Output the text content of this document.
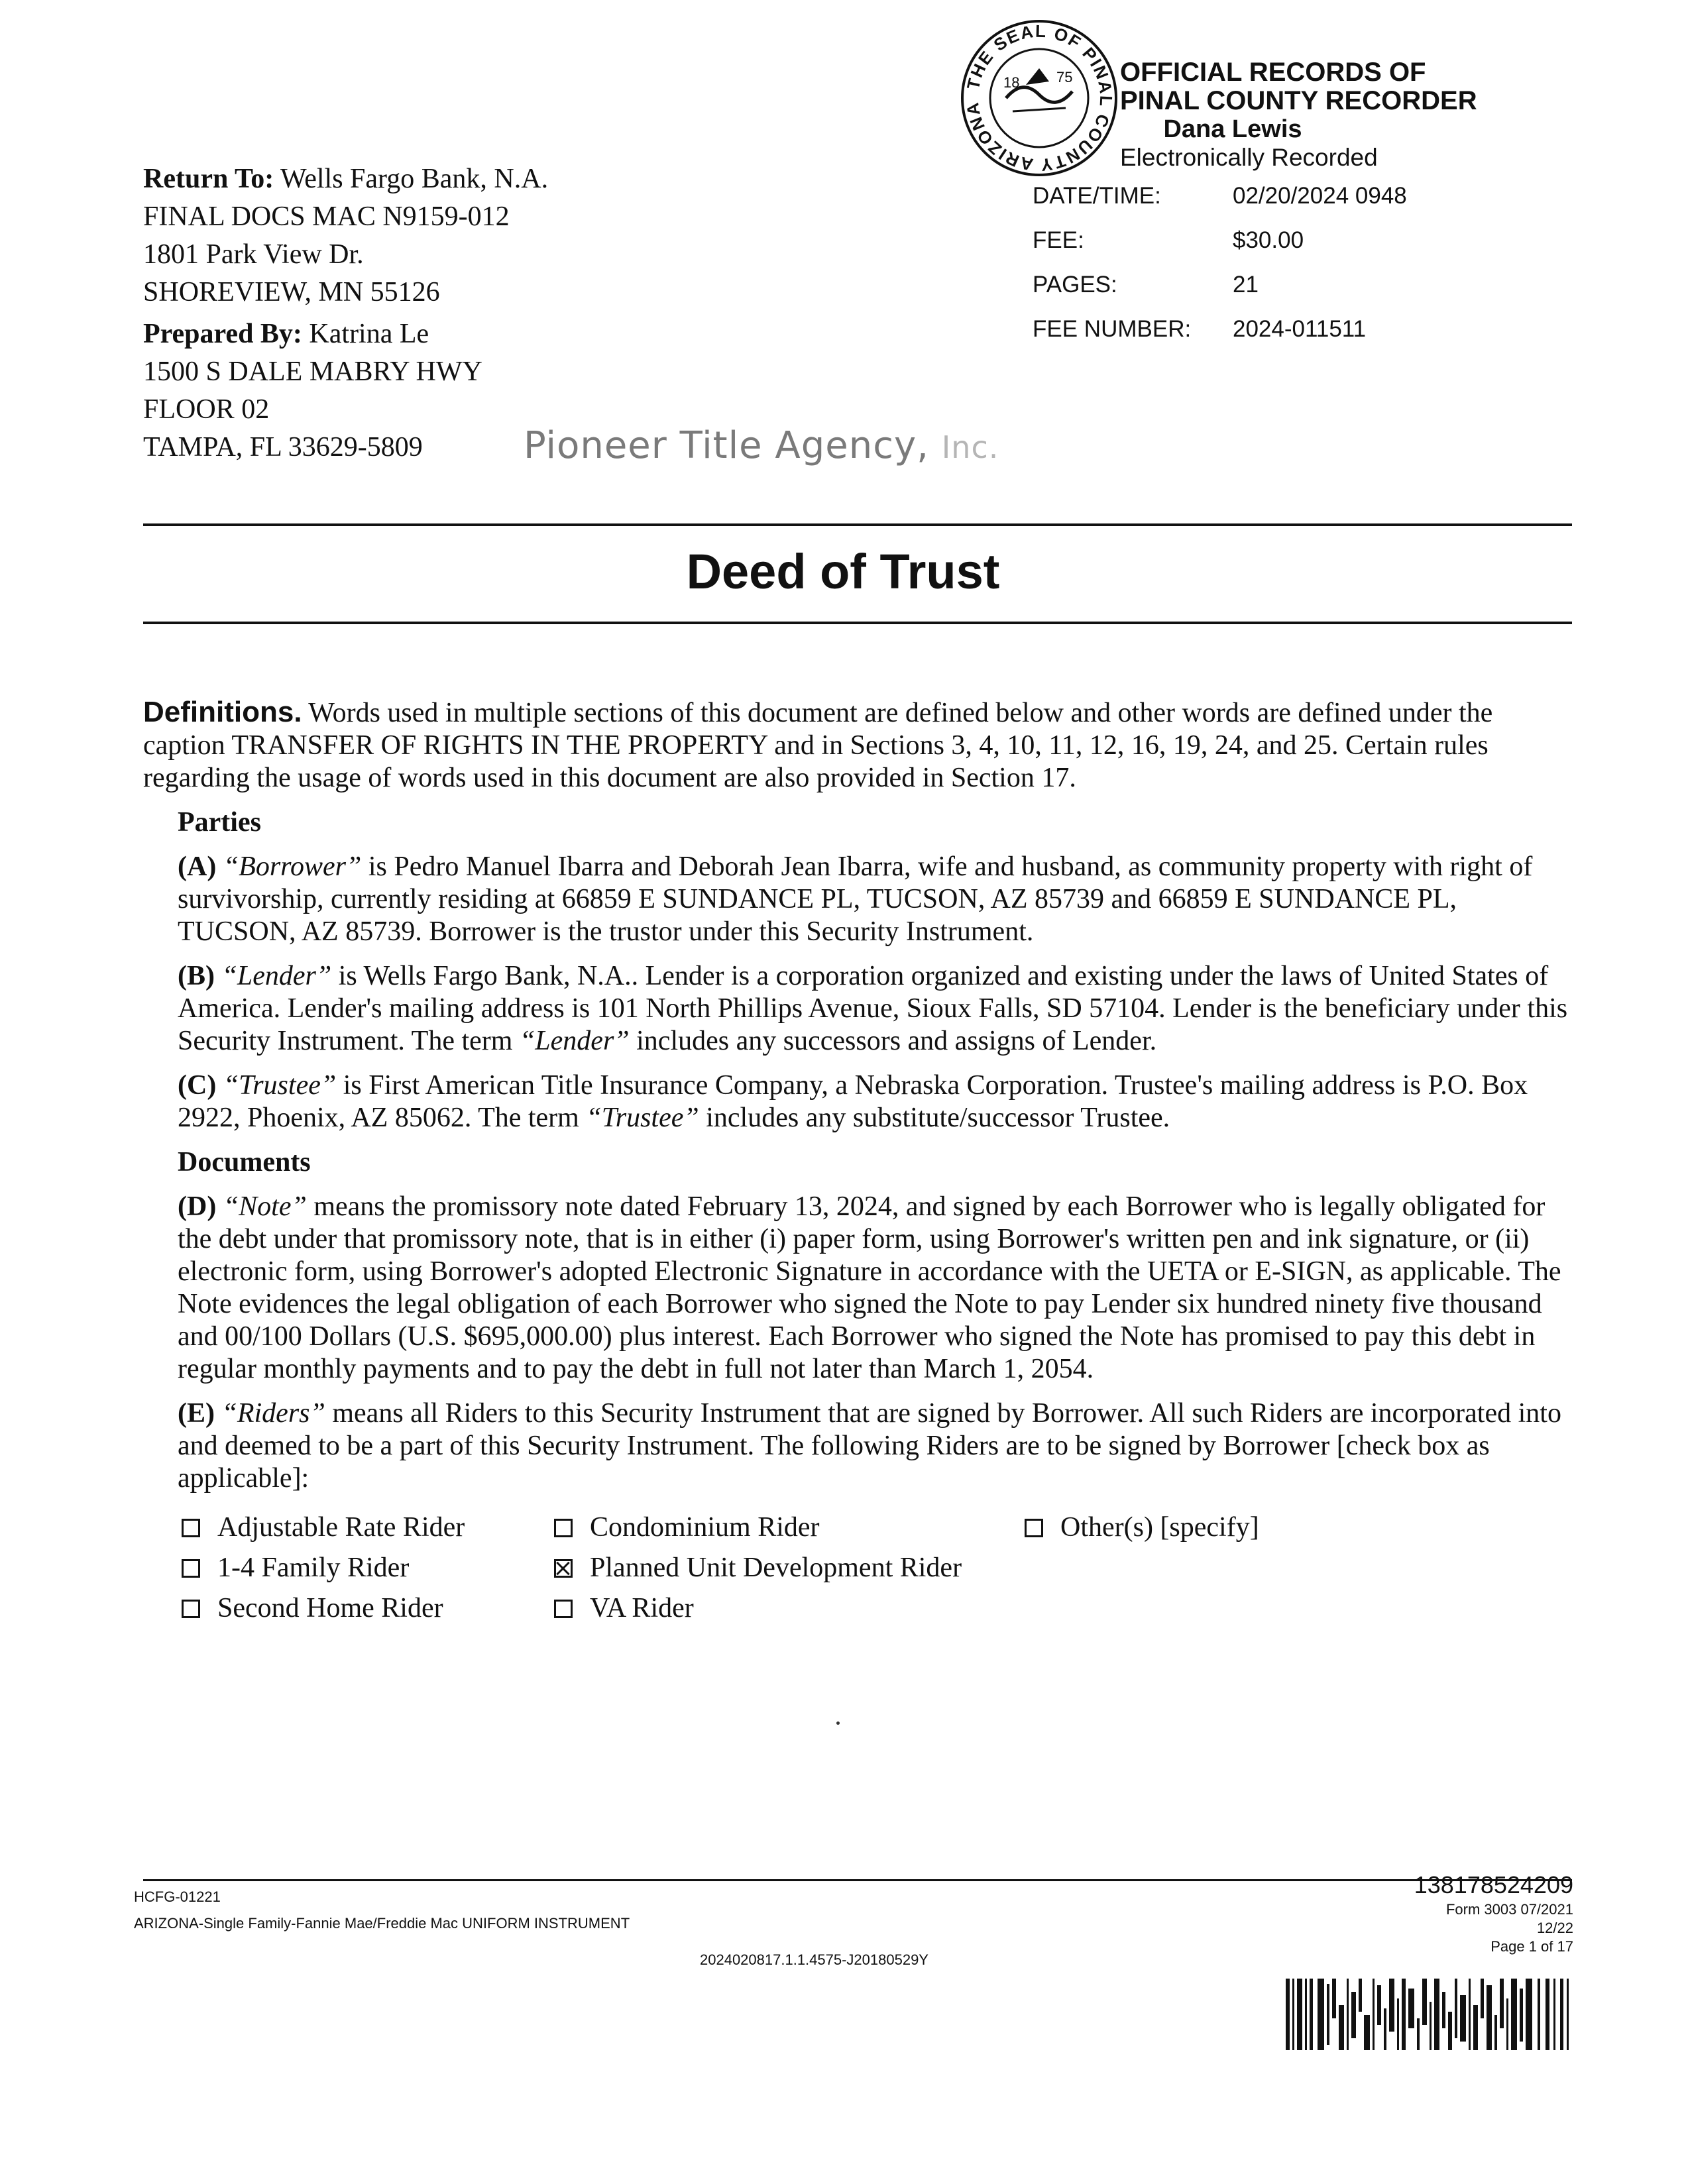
Return To: Wells Fargo Bank, N.A.
FINAL DOCS MAC N9159-012
1801 Park View Dr.
SHOREVIEW, MN 55126
Prepared By: Katrina Le
1500 S DALE MABRY HWY
FLOOR 02
TAMPA, FL 33629-5809	Pioneer Title Agency, Inc.
THE SEAL OF PINAL COUNTY ARIZONA
18	75 OFFICIAL RECORDS OF
PINAL COUNTY RECORDER
Dana Lewis
Electronically Recorded
DATE/TIME:	02/20/2024 0948
FEE:	$30.00
PAGES:	21
FEE NUMBER:	2024-011511
Deed of Trust

Definitions. Words used in multiple sections of this document are defined below and other words are defined under the caption TRANSFER OF RIGHTS IN THE PROPERTY and in Sections 3, 4, 10, 11, 12, 16, 19, 24, and 25. Certain rules regarding the usage of words used in this document are also provided in Section 17.

Parties

(A) “Borrower” is Pedro Manuel Ibarra and Deborah Jean Ibarra, wife and husband, as community property with right of survivorship, currently residing at 66859 E SUNDANCE PL, TUCSON, AZ 85739 and 66859 E SUNDANCE PL, TUCSON, AZ 85739. Borrower is the trustor under this Security Instrument.

(B) “Lender” is Wells Fargo Bank, N.A.. Lender is a corporation organized and existing under the laws of United States of America. Lender's mailing address is 101 North Phillips Avenue, Sioux Falls, SD 57104. Lender is the beneficiary under this Security Instrument. The term “Lender” includes any successors and assigns of Lender.

(C) “Trustee” is First American Title Insurance Company, a Nebraska Corporation. Trustee's mailing address is P.O. Box 2922, Phoenix, AZ 85062. The term “Trustee” includes any substitute/successor Trustee.

Documents

(D) “Note” means the promissory note dated February 13, 2024, and signed by each Borrower who is legally obligated for the debt under that promissory note, that is in either (i) paper form, using Borrower's written pen and ink signature, or (ii) electronic form, using Borrower's adopted Electronic Signature in accordance with the UETA or E-SIGN, as applicable. The Note evidences the legal obligation of each Borrower who signed the Note to pay Lender six hundred ninety five thousand and 00/100 Dollars (U.S. $695,000.00) plus interest. Each Borrower who signed the Note has promised to pay this debt in regular monthly payments and to pay the debt in full not later than March 1, 2054.

(E) “Riders” means all Riders to this Security Instrument that are signed by Borrower. All such Riders are incorporated into and deemed to be a part of this Security Instrument. The following Riders are to be signed by Borrower [check box as applicable]:

Adjustable Rate Rider	Condominium Rider	Other(s) [specify]
1-4 Family Rider	Planned Unit Development Rider
Second Home Rider	VA Rider
HCFG-01221
ARIZONA-Single Family-Fannie Mae/Freddie Mac UNIFORM INSTRUMENT
2024020817.1.1.4575-J20180529Y
138178524209
Form 3003 07/2021
12/22
Page 1 of 17
